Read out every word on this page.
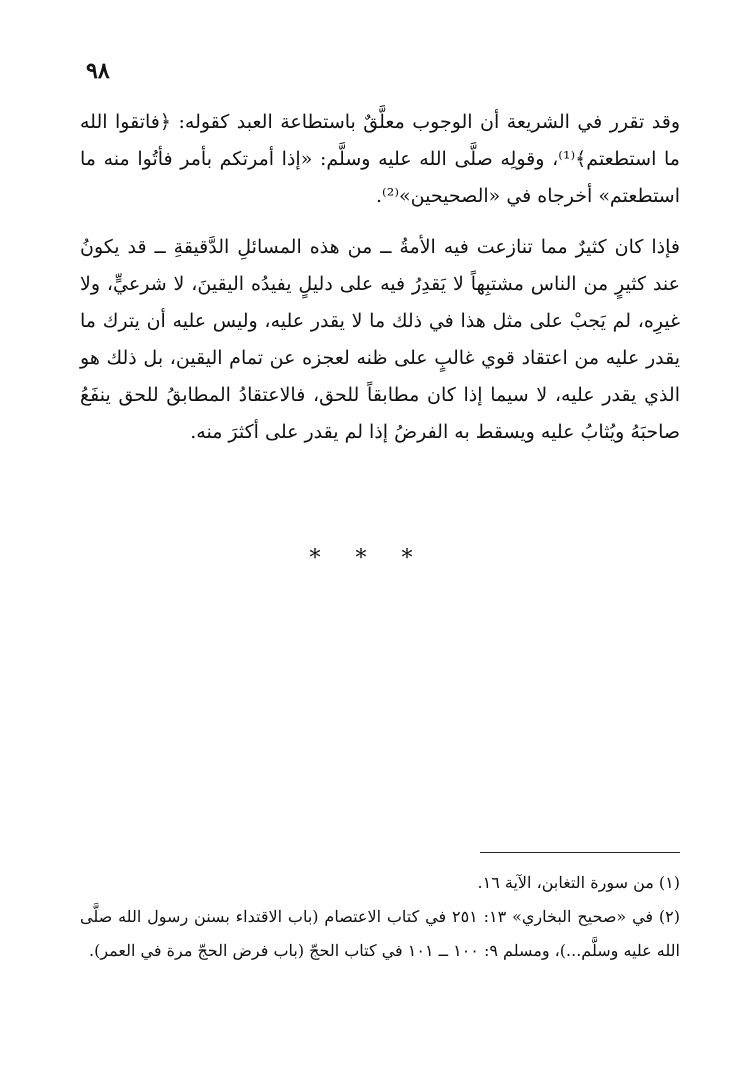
٩٨

وقد تقرر في الشريعة أن الوجوب معلَّقٌ باستطاعة العبد كقوله: ﴿فاتقوا الله ما استطعتم﴾⁽¹⁾، وقولِه صلَّى الله عليه وسلَّم: «إذا أمرتكم بأمر فأتُوا منه ما استطعتم» أخرجاه في «الصحيحين»⁽²⁾.

فإذا كان كثيرٌ مما تنازعت فيه الأمةُ ــ من هذه المسائلِ الدَّقيقةِ ــ قد يكونُ عند كثيرٍ من الناس مشتبِهاً لا يَقدِرُ فيه على دليلٍ يفيدُه اليقينَ، لا شرعيٍّ، ولا غيرِه، لم يَجبْ على مثل هذا في ذلك ما لا يقدر عليه، وليس عليه أن يترك ما يقدر عليه من اعتقاد قوي غالبٍ على ظنه لعجزه عن تمام اليقين، بل ذلك هو الذي يقدر عليه، لا سيما إذا كان مطابقاً للحق، فالاعتقادُ المطابقُ للحق ينفَعُ صاحبَهُ ويُثابُ عليه ويسقط به الفرضُ إذا لم يقدر على أكثرَ منه.

* * *

(١) من سورة التغابن، الآية ١٦.

(٢) في «صحيح البخاري» ١٣: ٢٥١ في كتاب الاعتصام (باب الاقتداء بسنن رسول الله صلَّى الله عليه وسلَّم...)، ومسلم ٩: ١٠٠ ــ ١٠١ في كتاب الحجّ (باب فرض الحجّ مرة في العمر).
